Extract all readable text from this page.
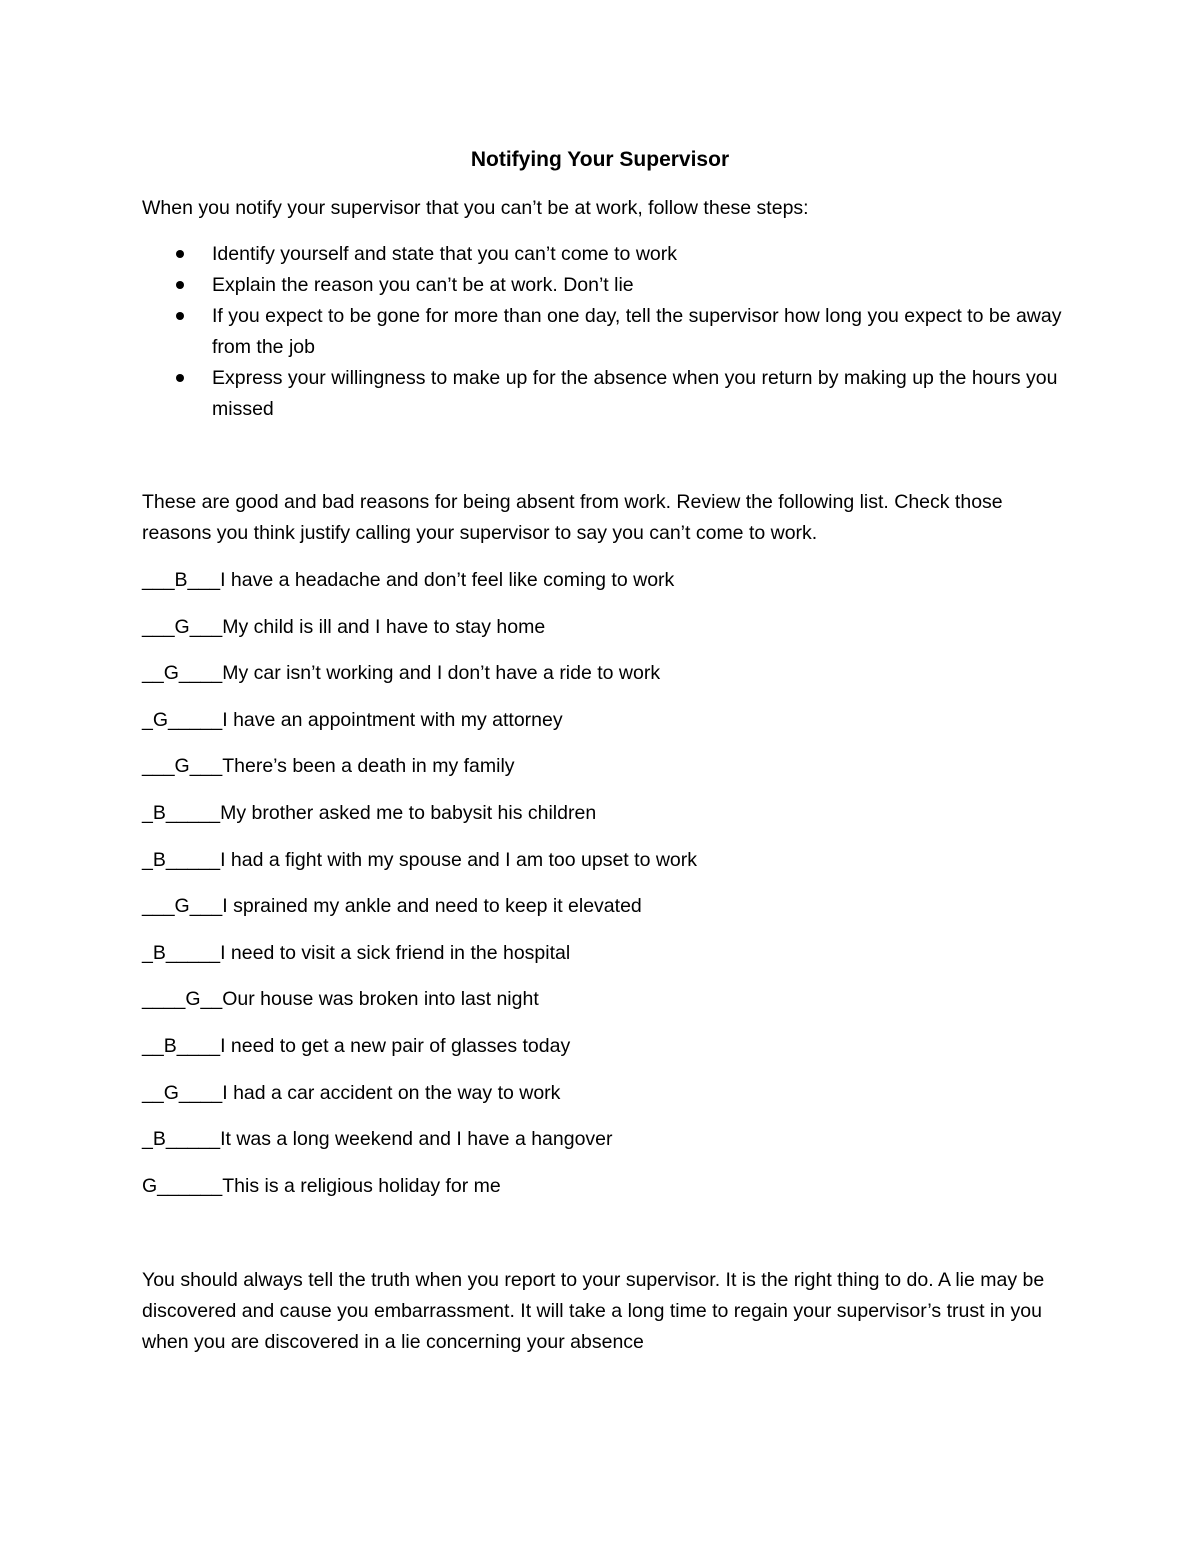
Notifying Your Supervisor

When you notify your supervisor that you can’t be at work, follow these steps:

Identify yourself and state that you can’t come to work
Explain the reason you can’t be at work. Don’t lie
If you expect to be gone for more than one day, tell the supervisor how long you expect to be away from the job
Express your willingness to make up for the absence when you return by making up the hours you missed

These are good and bad reasons for being absent from work. Review the following list. Check those reasons you think justify calling your supervisor to say you can’t come to work.

___B___I have a headache and don’t feel like coming to work
___G___My child is ill and I have to stay home
__G____My car isn’t working and I don’t have a ride to work
_G_____I have an appointment with my attorney
___G___There’s been a death in my family
_B_____My brother asked me to babysit his children
_B_____I had a fight with my spouse and I am too upset to work
___G___I sprained my ankle and need to keep it elevated
_B_____I need to visit a sick friend in the hospital
____G__Our house was broken into last night
__B____I need to get a new pair of glasses today
__G____I had a car accident on the way to work
_B_____It was a long weekend and I have a hangover
G______This is a religious holiday for me

You should always tell the truth when you report to your supervisor. It is the right thing to do. A lie may be discovered and cause you embarrassment. It will take a long time to regain your supervisor’s trust in you when you are discovered in a lie concerning your absence
